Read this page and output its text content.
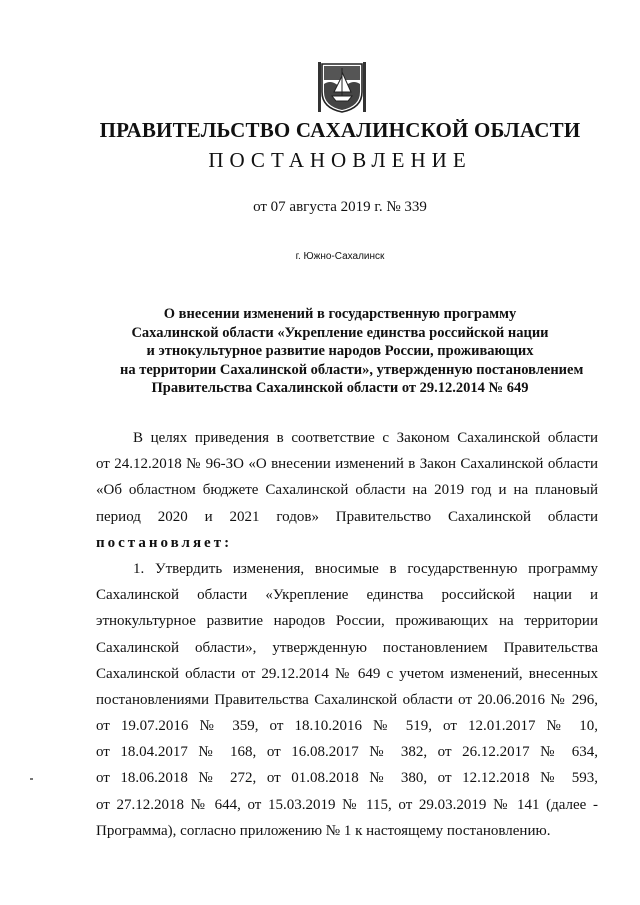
ПРАВИТЕЛЬСТВО САХАЛИНСКОЙ ОБЛАСТИ
ПОСТАНОВЛЕНИЕ
от 07 августа 2019 г. № 339
г. Южно-Сахалинск
О внесении изменений в государственную программу
Сахалинской области «Укрепление единства российской нации
и этнокультурное развитие народов России, проживающих
на территории Сахалинской области», утвержденную постановлением
Правительства Сахалинской области от 29.12.2014 № 649
В целях приведения в соответствие с Законом Сахалинской области
от 24.12.2018 № 96-ЗО «О внесении изменений в Закон Сахалинской области
«Об областном бюджете Сахалинской области на 2019 год и на плановый
период 2020 и 2021 годов» Правительство Сахалинской области
постановляет:
1. Утвердить изменения, вносимые в государственную программу
Сахалинской области «Укрепление единства российской нации и
этнокультурное развитие народов России, проживающих на территории
Сахалинской области», утвержденную постановлением Правительства
Сахалинской области от 29.12.2014 № 649 с учетом изменений, внесенных
постановлениями Правительства Сахалинской области от 20.06.2016 № 296,
от 19.07.2016 № 359, от 18.10.2016 № 519, от 12.01.2017 № 10,
от 18.04.2017 № 168, от 16.08.2017 № 382, от 26.12.2017 № 634,
от 18.06.2018 № 272, от 01.08.2018 № 380, от 12.12.2018 № 593,
от 27.12.2018 № 644, от 15.03.2019 № 115, от 29.03.2019 № 141 (далее -
Программа), согласно приложению № 1 к настоящему постановлению.
